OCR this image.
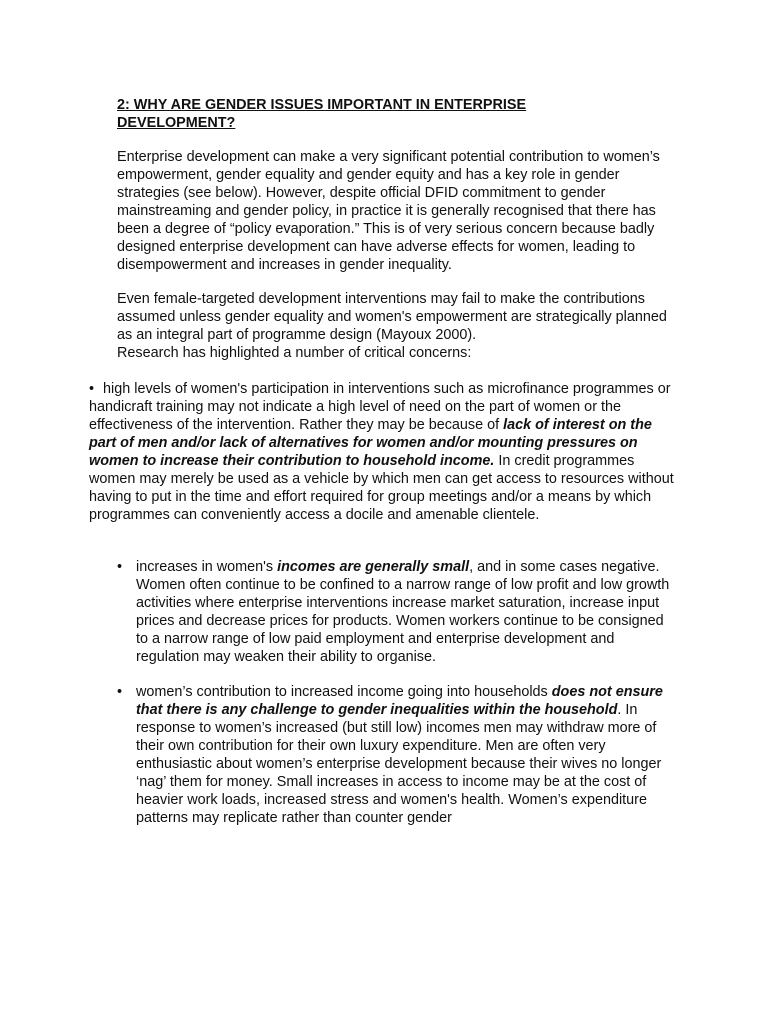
2: WHY ARE GENDER ISSUES IMPORTANT IN ENTERPRISE
DEVELOPMENT?

Enterprise development can make a very significant potential contribution to women’s empowerment, gender equality and gender equity and has a key role in gender strategies (see below). However, despite official DFID commitment to gender mainstreaming and gender policy, in practice it is generally recognised that there has been a degree of “policy evaporation.” This is of very serious concern because badly designed enterprise development can have adverse effects for women, leading to disempowerment and increases in gender inequality.

Even female-targeted development interventions may fail to make the contributions assumed unless gender equality and women's empowerment are strategically planned as an integral part of programme design (Mayoux 2000).

Research has highlighted a number of critical concerns:

• high levels of women's participation in interventions such as microfinance programmes or handicraft training may not indicate a high level of need on the part of women or the effectiveness of the intervention. Rather they may be because of lack of interest on the part of men and/or lack of alternatives for women and/or mounting pressures on women to increase their contribution to household income. In credit programmes women may merely be used as a vehicle by which men can get access to resources without having to put in the time and effort required for group meetings and/or a means by which programmes can conveniently access a docile and amenable clientele.

• increases in women's incomes are generally small, and in some cases negative. Women often continue to be confined to a narrow range of low profit and low growth activities where enterprise interventions increase market saturation, increase input prices and decrease prices for products. Women workers continue to be consigned to a narrow range of low paid employment and enterprise development and regulation may weaken their ability to organise.
• women’s contribution to increased income going into households does not ensure that there is any challenge to gender inequalities within the household. In response to women’s increased (but still low) incomes men may withdraw more of their own contribution for their own luxury expenditure. Men are often very enthusiastic about women’s enterprise development because their wives no longer ‘nag’ them for money. Small increases in access to income may be at the cost of heavier work loads, increased stress and women's health. Women’s expenditure patterns may replicate rather than counter gender
